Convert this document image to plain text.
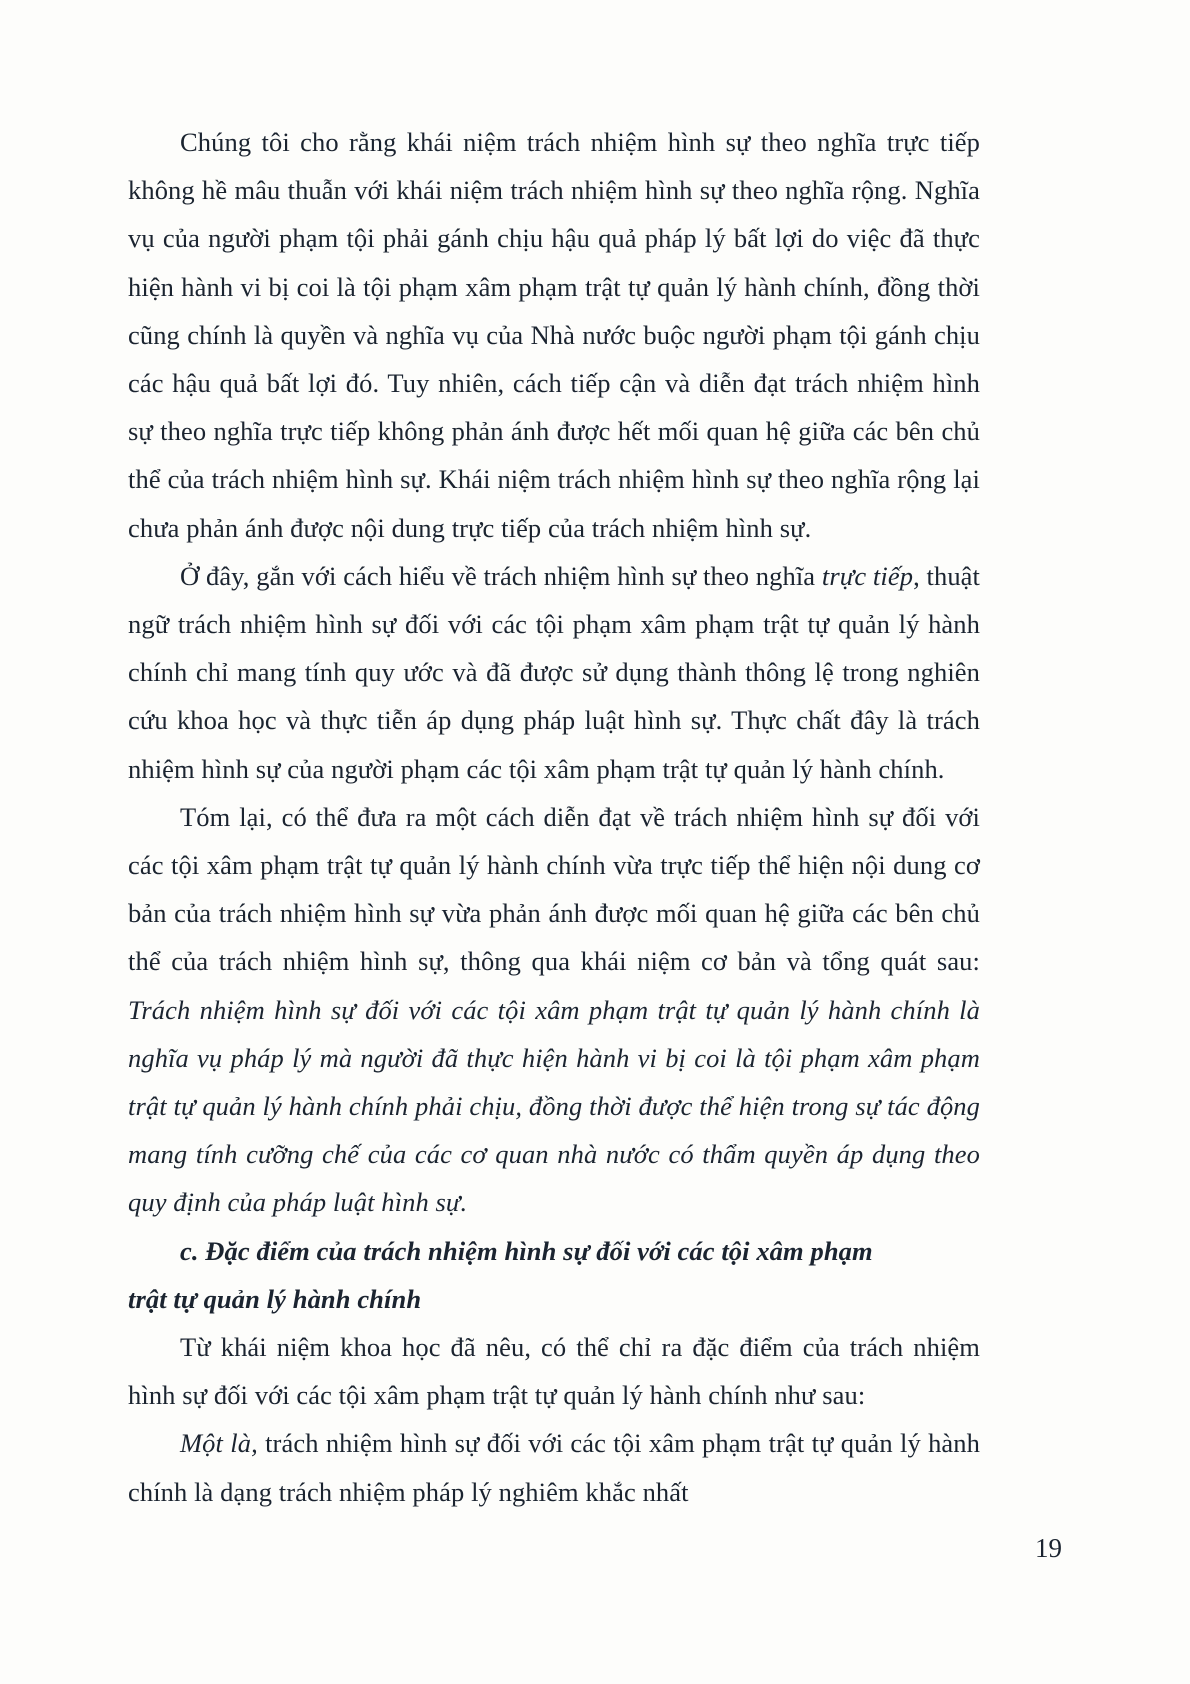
Chúng tôi cho rằng khái niệm trách nhiệm hình sự theo nghĩa trực tiếp không hề mâu thuẫn với khái niệm trách nhiệm hình sự theo nghĩa rộng. Nghĩa vụ của người phạm tội phải gánh chịu hậu quả pháp lý bất lợi do việc đã thực hiện hành vi bị coi là tội phạm xâm phạm trật tự quản lý hành chính, đồng thời cũng chính là quyền và nghĩa vụ của Nhà nước buộc người phạm tội gánh chịu các hậu quả bất lợi đó. Tuy nhiên, cách tiếp cận và diễn đạt trách nhiệm hình sự theo nghĩa trực tiếp không phản ánh được hết mối quan hệ giữa các bên chủ thể của trách nhiệm hình sự. Khái niệm trách nhiệm hình sự theo nghĩa rộng lại chưa phản ánh được nội dung trực tiếp của trách nhiệm hình sự.

Ở đây, gắn với cách hiểu về trách nhiệm hình sự theo nghĩa trực tiếp, thuật ngữ trách nhiệm hình sự đối với các tội phạm xâm phạm trật tự quản lý hành chính chỉ mang tính quy ước và đã được sử dụng thành thông lệ trong nghiên cứu khoa học và thực tiễn áp dụng pháp luật hình sự. Thực chất đây là trách nhiệm hình sự của người phạm các tội xâm phạm trật tự quản lý hành chính.

Tóm lại, có thể đưa ra một cách diễn đạt về trách nhiệm hình sự đối với các tội xâm phạm trật tự quản lý hành chính vừa trực tiếp thể hiện nội dung cơ bản của trách nhiệm hình sự vừa phản ánh được mối quan hệ giữa các bên chủ thể của trách nhiệm hình sự, thông qua khái niệm cơ bản và tổng quát sau: Trách nhiệm hình sự đối với các tội xâm phạm trật tự quản lý hành chính là nghĩa vụ pháp lý mà người đã thực hiện hành vi bị coi là tội phạm xâm phạm trật tự quản lý hành chính phải chịu, đồng thời được thể hiện trong sự tác động mang tính cưỡng chế của các cơ quan nhà nước có thẩm quyền áp dụng theo quy định của pháp luật hình sự.

c. Đặc điểm của trách nhiệm hình sự đối với các tội xâm phạm

trật tự quản lý hành chính

Từ khái niệm khoa học đã nêu, có thể chỉ ra đặc điểm của trách nhiệm hình sự đối với các tội xâm phạm trật tự quản lý hành chính như sau:

Một là, trách nhiệm hình sự đối với các tội xâm phạm trật tự quản lý hành chính là dạng trách nhiệm pháp lý nghiêm khắc nhất

19
